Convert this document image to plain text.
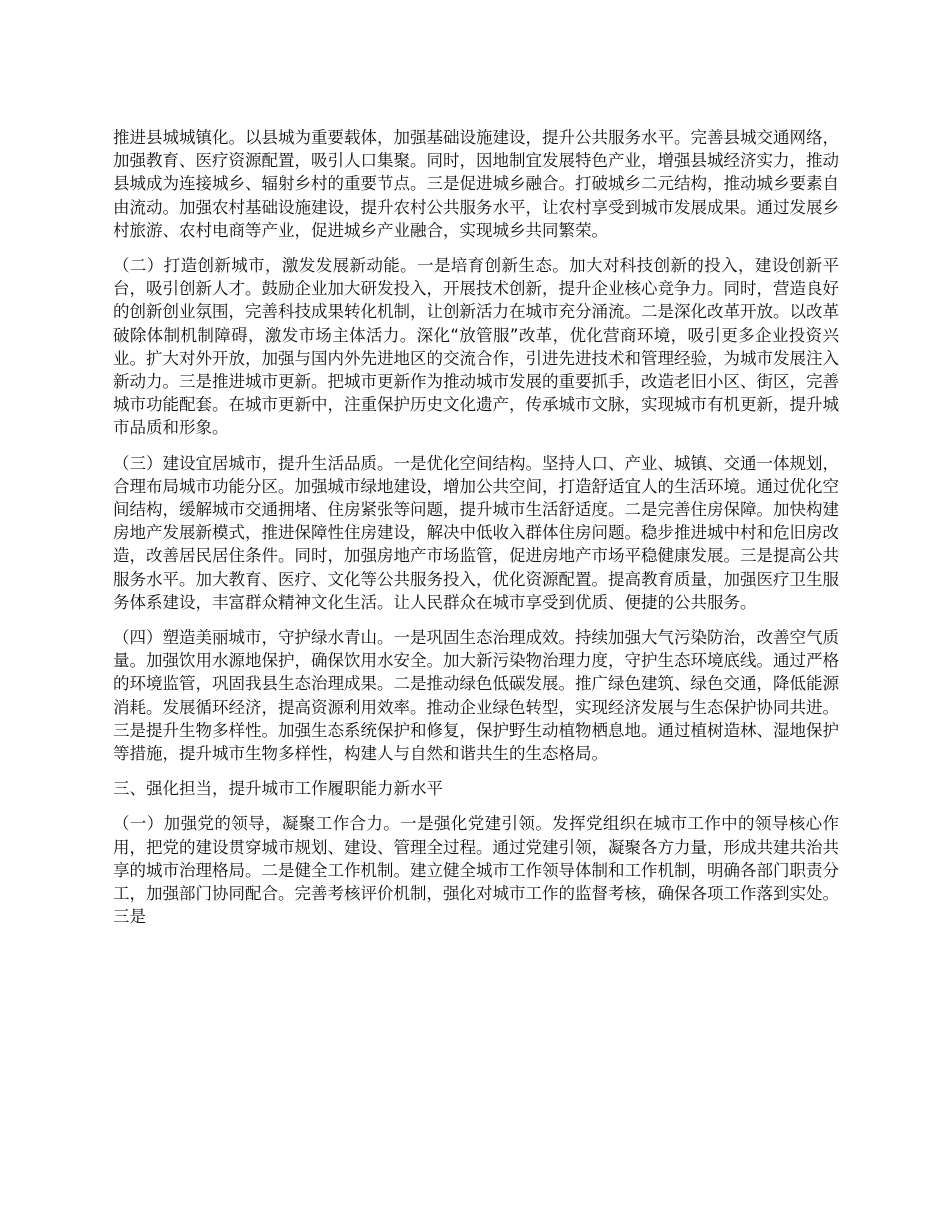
推进县城城镇化。以县城为重要载体，加强基础设施建设，提升公共服务水平。完善县城交通网络，加强教育、医疗资源配置，吸引人口集聚。同时，因地制宜发展特色产业，增强县城经济实力，推动县城成为连接城乡、辐射乡村的重要节点。三是促进城乡融合。打破城乡二元结构，推动城乡要素自由流动。加强农村基础设施建设，提升农村公共服务水平，让农村享受到城市发展成果。通过发展乡村旅游、农村电商等产业，促进城乡产业融合，实现城乡共同繁荣。

（二）打造创新城市，激发发展新动能。一是培育创新生态。加大对科技创新的投入，建设创新平台，吸引创新人才。鼓励企业加大研发投入，开展技术创新，提升企业核心竞争力。同时，营造良好的创新创业氛围，完善科技成果转化机制，让创新活力在城市充分涌流。二是深化改革开放。以改革破除体制机制障碍，激发市场主体活力。深化“放管服”改革，优化营商环境，吸引更多企业投资兴业。扩大对外开放，加强与国内外先进地区的交流合作，引进先进技术和管理经验，为城市发展注入新动力。三是推进城市更新。把城市更新作为推动城市发展的重要抓手，改造老旧小区、街区，完善城市功能配套。在城市更新中，注重保护历史文化遗产，传承城市文脉，实现城市有机更新，提升城市品质和形象。

（三）建设宜居城市，提升生活品质。一是优化空间结构。坚持人口、产业、城镇、交通一体规划，合理布局城市功能分区。加强城市绿地建设，增加公共空间，打造舒适宜人的生活环境。通过优化空间结构，缓解城市交通拥堵、住房紧张等问题，提升城市生活舒适度。二是完善住房保障。加快构建房地产发展新模式，推进保障性住房建设，解决中低收入群体住房问题。稳步推进城中村和危旧房改造，改善居民居住条件。同时，加强房地产市场监管，促进房地产市场平稳健康发展。三是提高公共服务水平。加大教育、医疗、文化等公共服务投入，优化资源配置。提高教育质量，加强医疗卫生服务体系建设，丰富群众精神文化生活。让人民群众在城市享受到优质、便捷的公共服务。

（四）塑造美丽城市，守护绿水青山。一是巩固生态治理成效。持续加强大气污染防治，改善空气质量。加强饮用水源地保护，确保饮用水安全。加大新污染物治理力度，守护生态环境底线。通过严格的环境监管，巩固我县生态治理成果。二是推动绿色低碳发展。推广绿色建筑、绿色交通，降低能源消耗。发展循环经济，提高资源利用效率。推动企业绿色转型，实现经济发展与生态保护协同共进。三是提升生物多样性。加强生态系统保护和修复，保护野生动植物栖息地。通过植树造林、湿地保护等措施，提升城市生物多样性，构建人与自然和谐共生的生态格局。

三、强化担当，提升城市工作履职能力新水平

（一）加强党的领导，凝聚工作合力。一是强化党建引领。发挥党组织在城市工作中的领导核心作用，把党的建设贯穿城市规划、建设、管理全过程。通过党建引领，凝聚各方力量，形成共建共治共享的城市治理格局。二是健全工作机制。建立健全城市工作领导体制和工作机制，明确各部门职责分工，加强部门协同配合。完善考核评价机制，强化对城市工作的监督考核，确保各项工作落到实处。三是
